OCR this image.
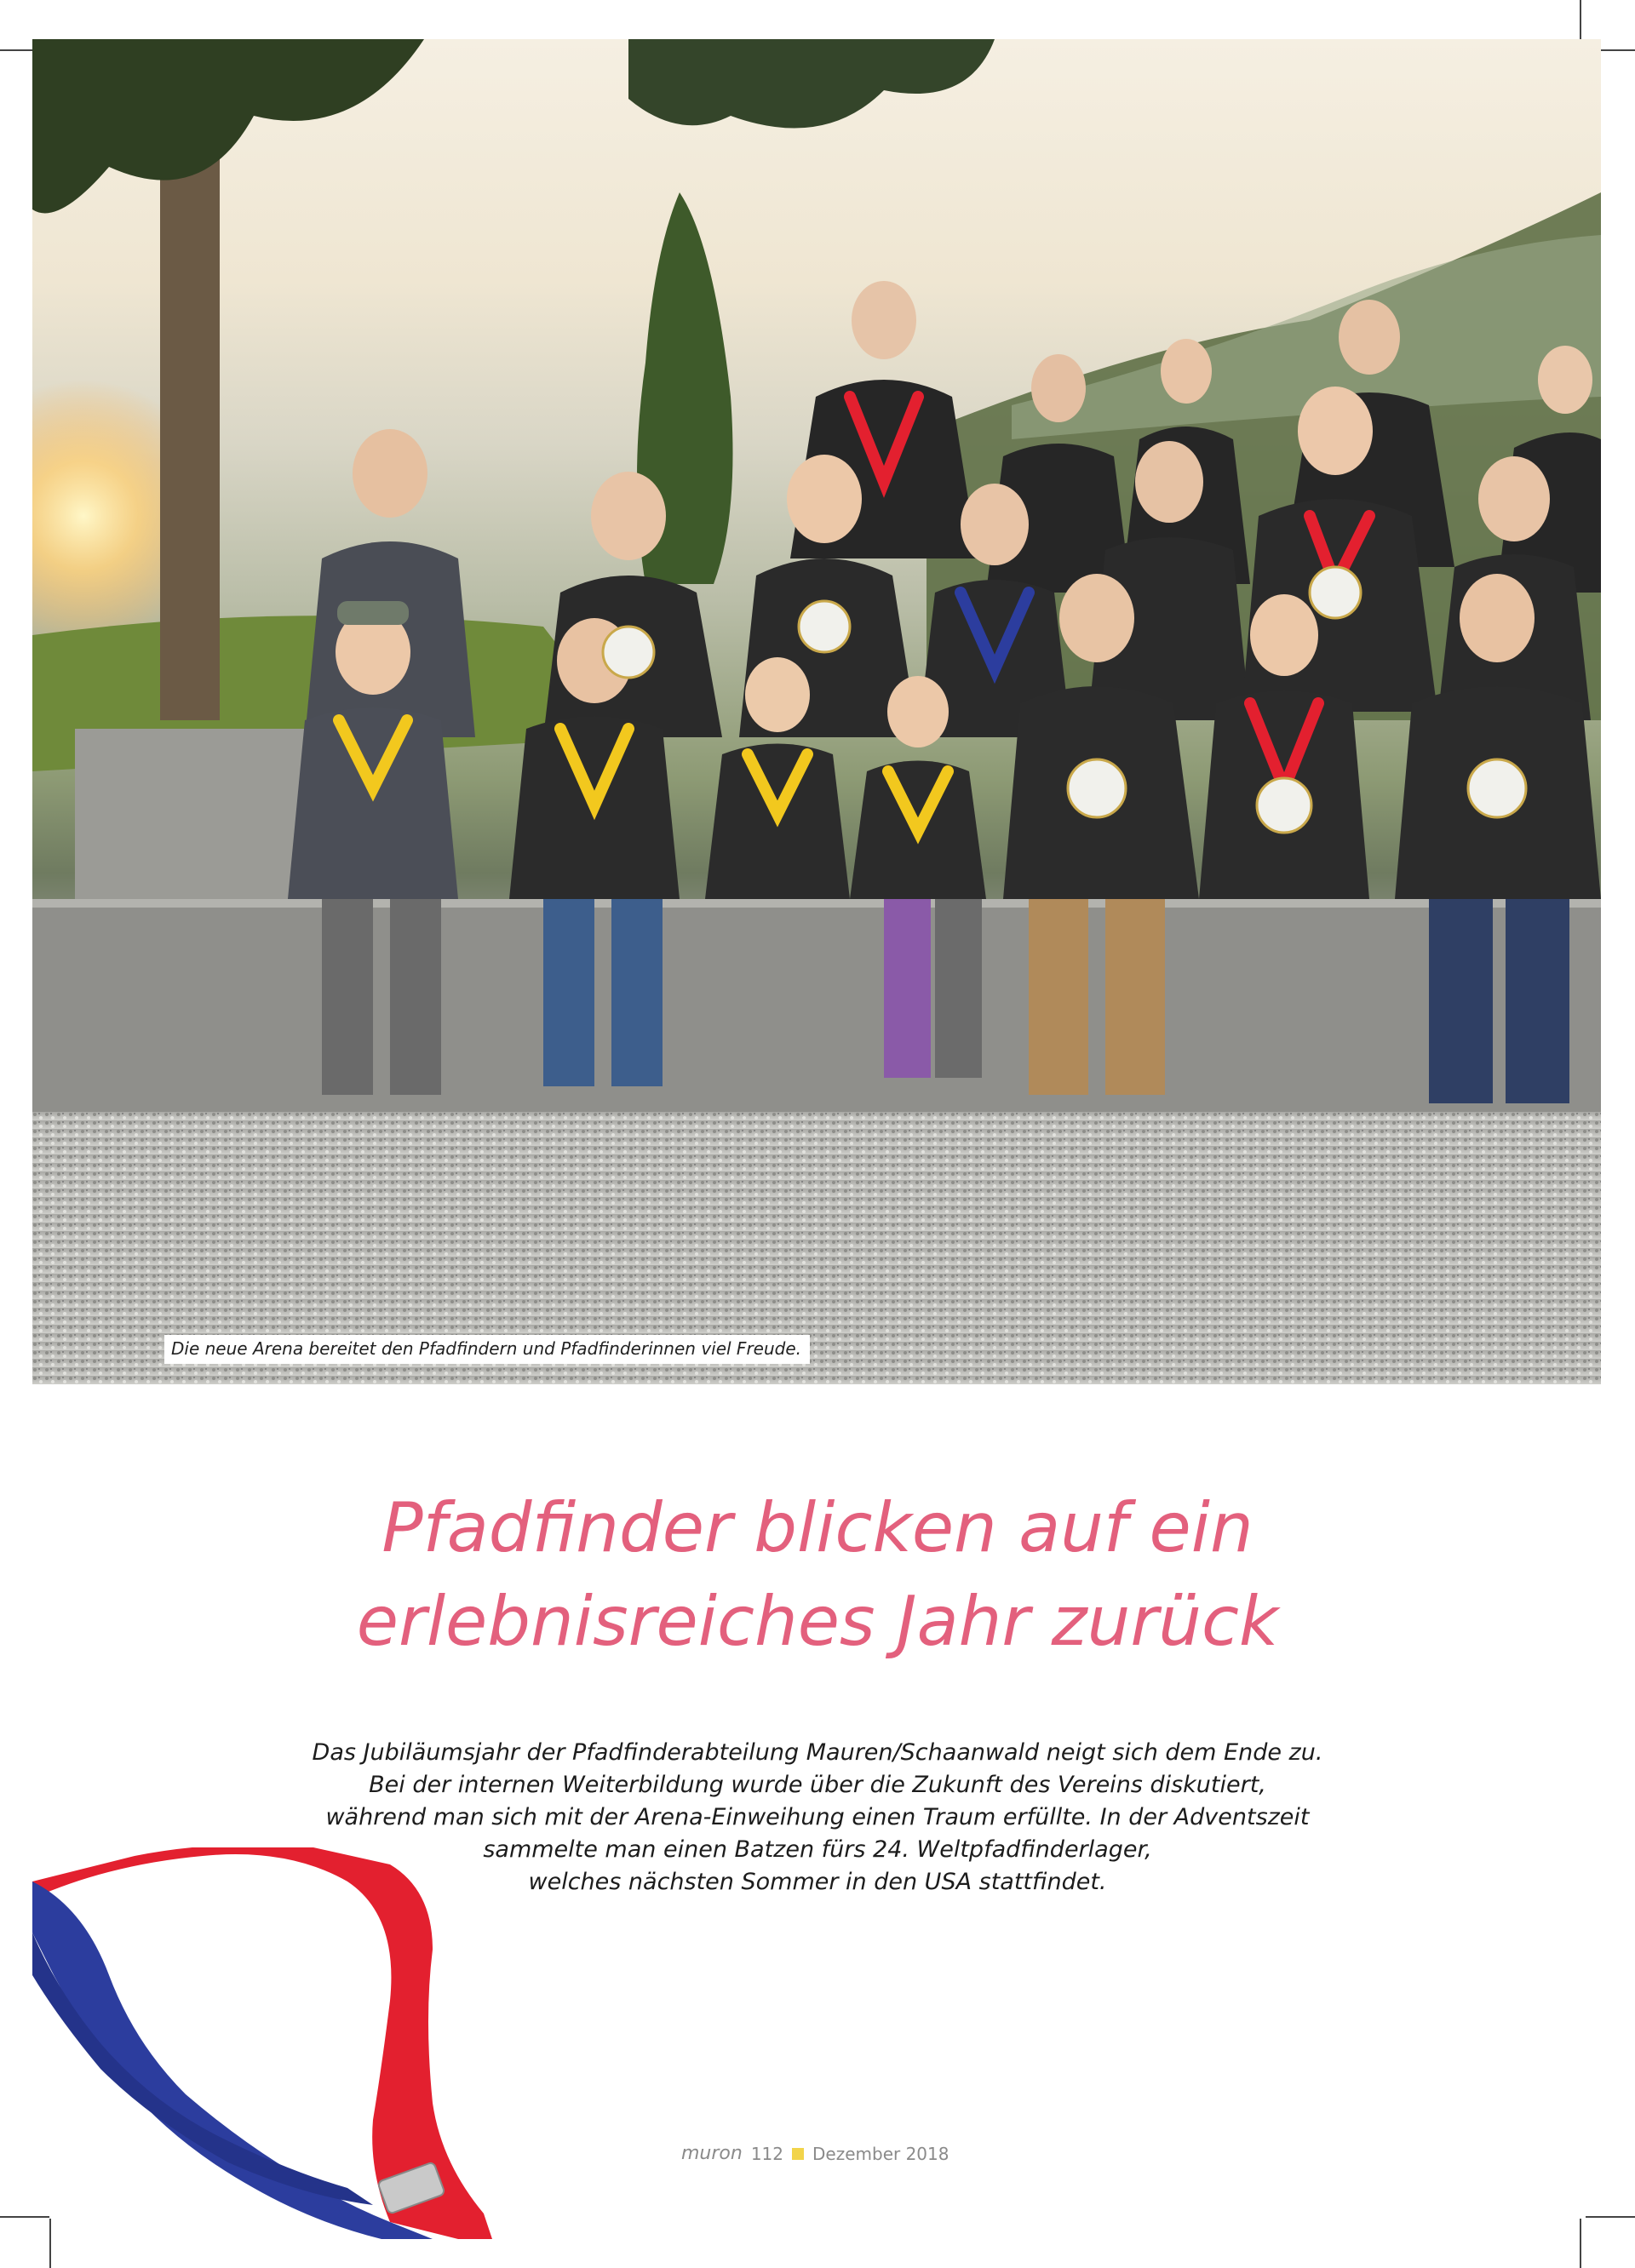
Die neue Arena bereitet den Pfadfindern und Pfadfinderinnen viel Freude.
Pfadfinder blicken auf ein
erlebnisreiches Jahr zurück
Das Jubiläumsjahr der Pfadfinderabteilung Mauren/Schaanwald neigt sich dem Ende zu.
Bei der internen Weiterbildung wurde über die Zukunft des Vereins diskutiert,
während man sich mit der Arena-Einweihung einen Traum erfüllte. In der Adventszeit
sammelte man einen Batzen fürs 24. Weltpfadfinderlager,
welches nächsten Sommer in den USA stattfindet.
muron 112 Dezember 2018
